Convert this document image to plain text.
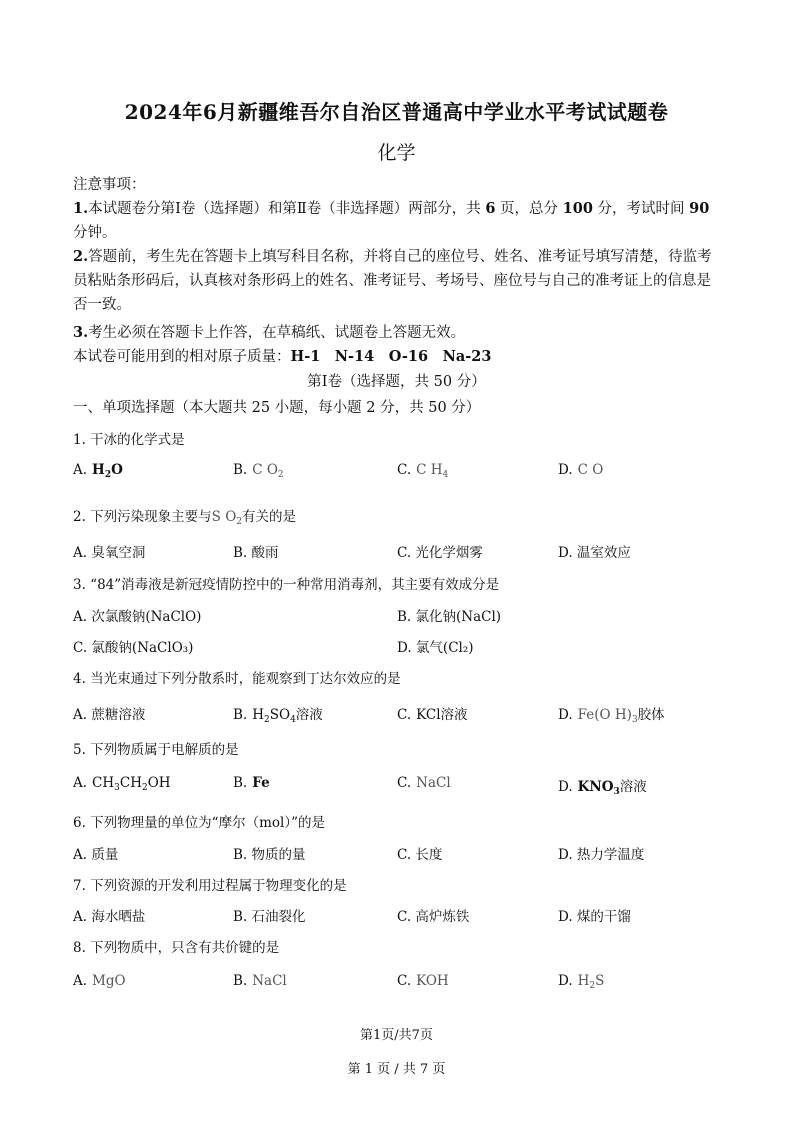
2024年6月新疆维吾尔自治区普通高中学业水平考试试题卷
化学
注意事项：
1.本试题卷分第Ⅰ卷（选择题）和第Ⅱ卷（非选择题）两部分，共 6 页，总分 100 分，考试时间 90 分钟。
2.答题前，考生先在答题卡上填写科目名称，并将自己的座位号、姓名、准考证号填写清楚，待监考员粘贴条形码后，认真核对条形码上的姓名、准考证号、考场号、座位号与自己的准考证上的信息是否一致。
3.考生必须在答题卡上作答，在草稿纸、试题卷上答题无效。
本试卷可能用到的相对原子质量：H-1　N-14　O-16　Na-23
第Ⅰ卷（选择题，共 50 分）
一、单项选择题（本大题共 25 小题，每小题 2 分，共 50 分）
1. 干冰的化学式是
A. $H_2O$	B. C $O_2$	C. C $H_4$	D. C O
2. 下列污染现象主要与S $O_2$有关的是
A. 臭氧空洞	B. 酸雨	C. 光化学烟雾	D. 温室效应
3. “84”消毒液是新冠疫情防控中的一种常用消毒剂，其主要有效成分是
A. 次氯酸钠(NaClO)	B. 氯化钠(NaCl)
C. 氯酸钠(NaClO₃)	D. 氯气(Cl₂)
4. 当光束通过下列分散系时，能观察到丁达尔效应的是
A. 蔗糖溶液	B. $H_2SO_4$溶液	C. KCl溶液	D. Fe(O $H)_3$胶体
5. 下列物质属于电解质的是
A. $CH_3CH_2OH$	B. Fe	C. NaCl	D. $KNO_3$溶液
6. 下列物理量的单位为“摩尔（mol）”的是
A. 质量	B. 物质的量	C. 长度	D. 热力学温度
7. 下列资源的开发利用过程属于物理变化的是
A. 海水晒盐	B. 石油裂化	C. 高炉炼铁	D. 煤的干馏
8. 下列物质中，只含有共价键的是
A. MgO	B. NaCl	C. KOH	D. $H_2S$
第1页/共7页
第 1 页 / 共 7 页
